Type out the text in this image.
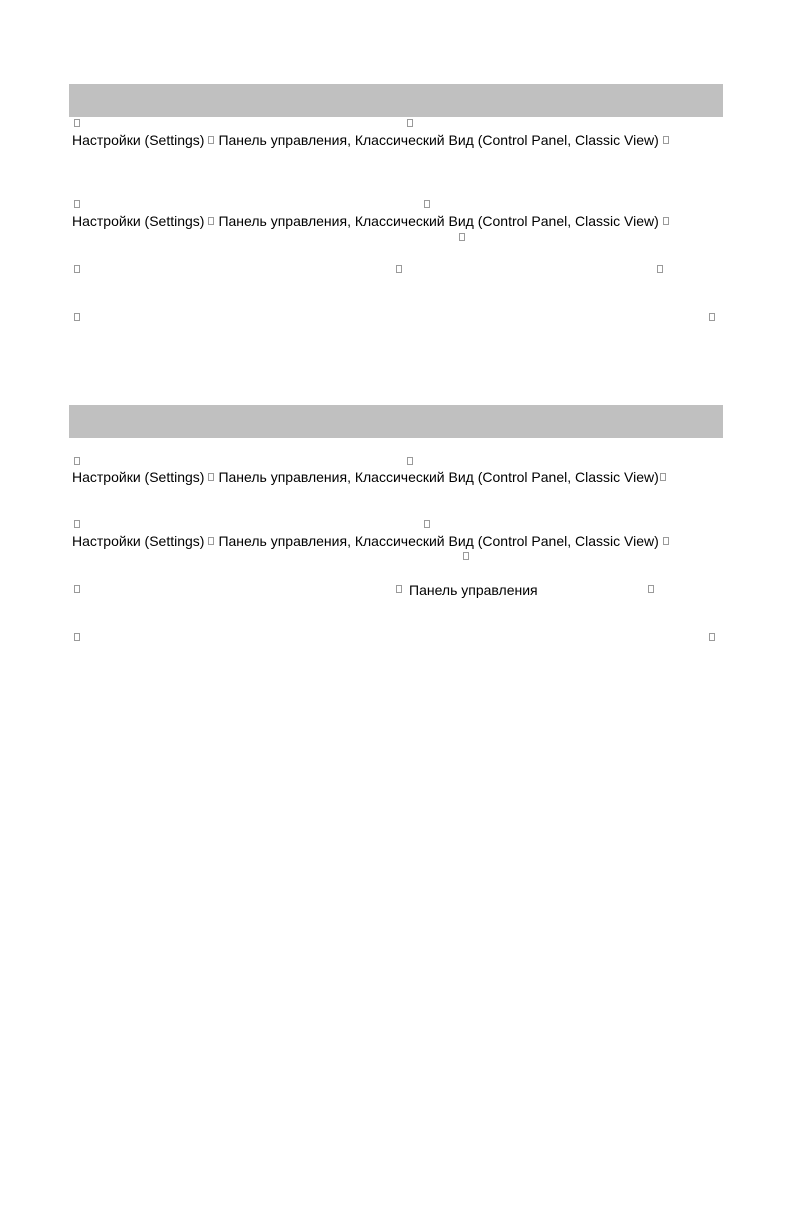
Настройки (Settings) Панель управления, Классический Вид (Control Panel, Classic View)
Настройки (Settings) Панель управления, Классический Вид (Control Panel, Classic View)
Настройки (Settings) Панель управления, Классический Вид (Control Panel, Classic View)
Настройки (Settings) Панель управления, Классический Вид (Control Panel, Classic View)
Панель управления
